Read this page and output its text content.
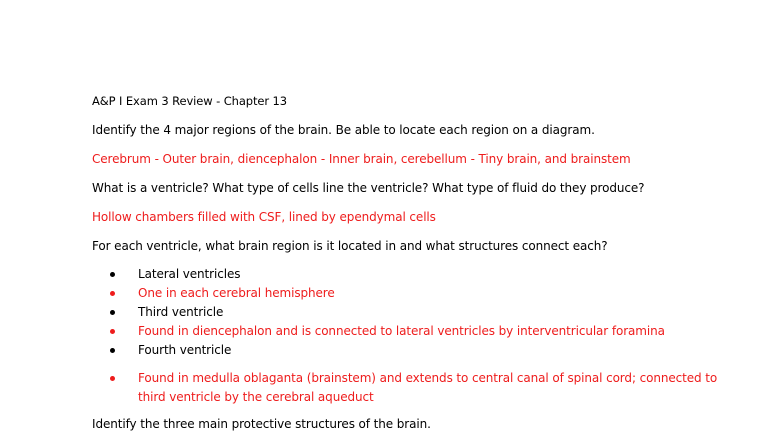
A&P I Exam 3 Review - Chapter 13
Identify the 4 major regions of the brain. Be able to locate each region on a diagram.
Cerebrum - Outer brain, diencephalon - Inner brain, cerebellum - Tiny brain, and brainstem
What is a ventricle? What type of cells line the ventricle? What type of fluid do they produce?
Hollow chambers filled with CSF, lined by ependymal cells
For each ventricle, what brain region is it located in and what structures connect each?
Lateral ventricles
One in each cerebral hemisphere
Third ventricle
Found in diencephalon and is connected to lateral ventricles by interventricular foramina
Fourth ventricle
Found in medulla oblaganta (brainstem) and extends to central canal of spinal cord; connected to third ventricle by the cerebral aqueduct
Identify the three main protective structures of the brain.
